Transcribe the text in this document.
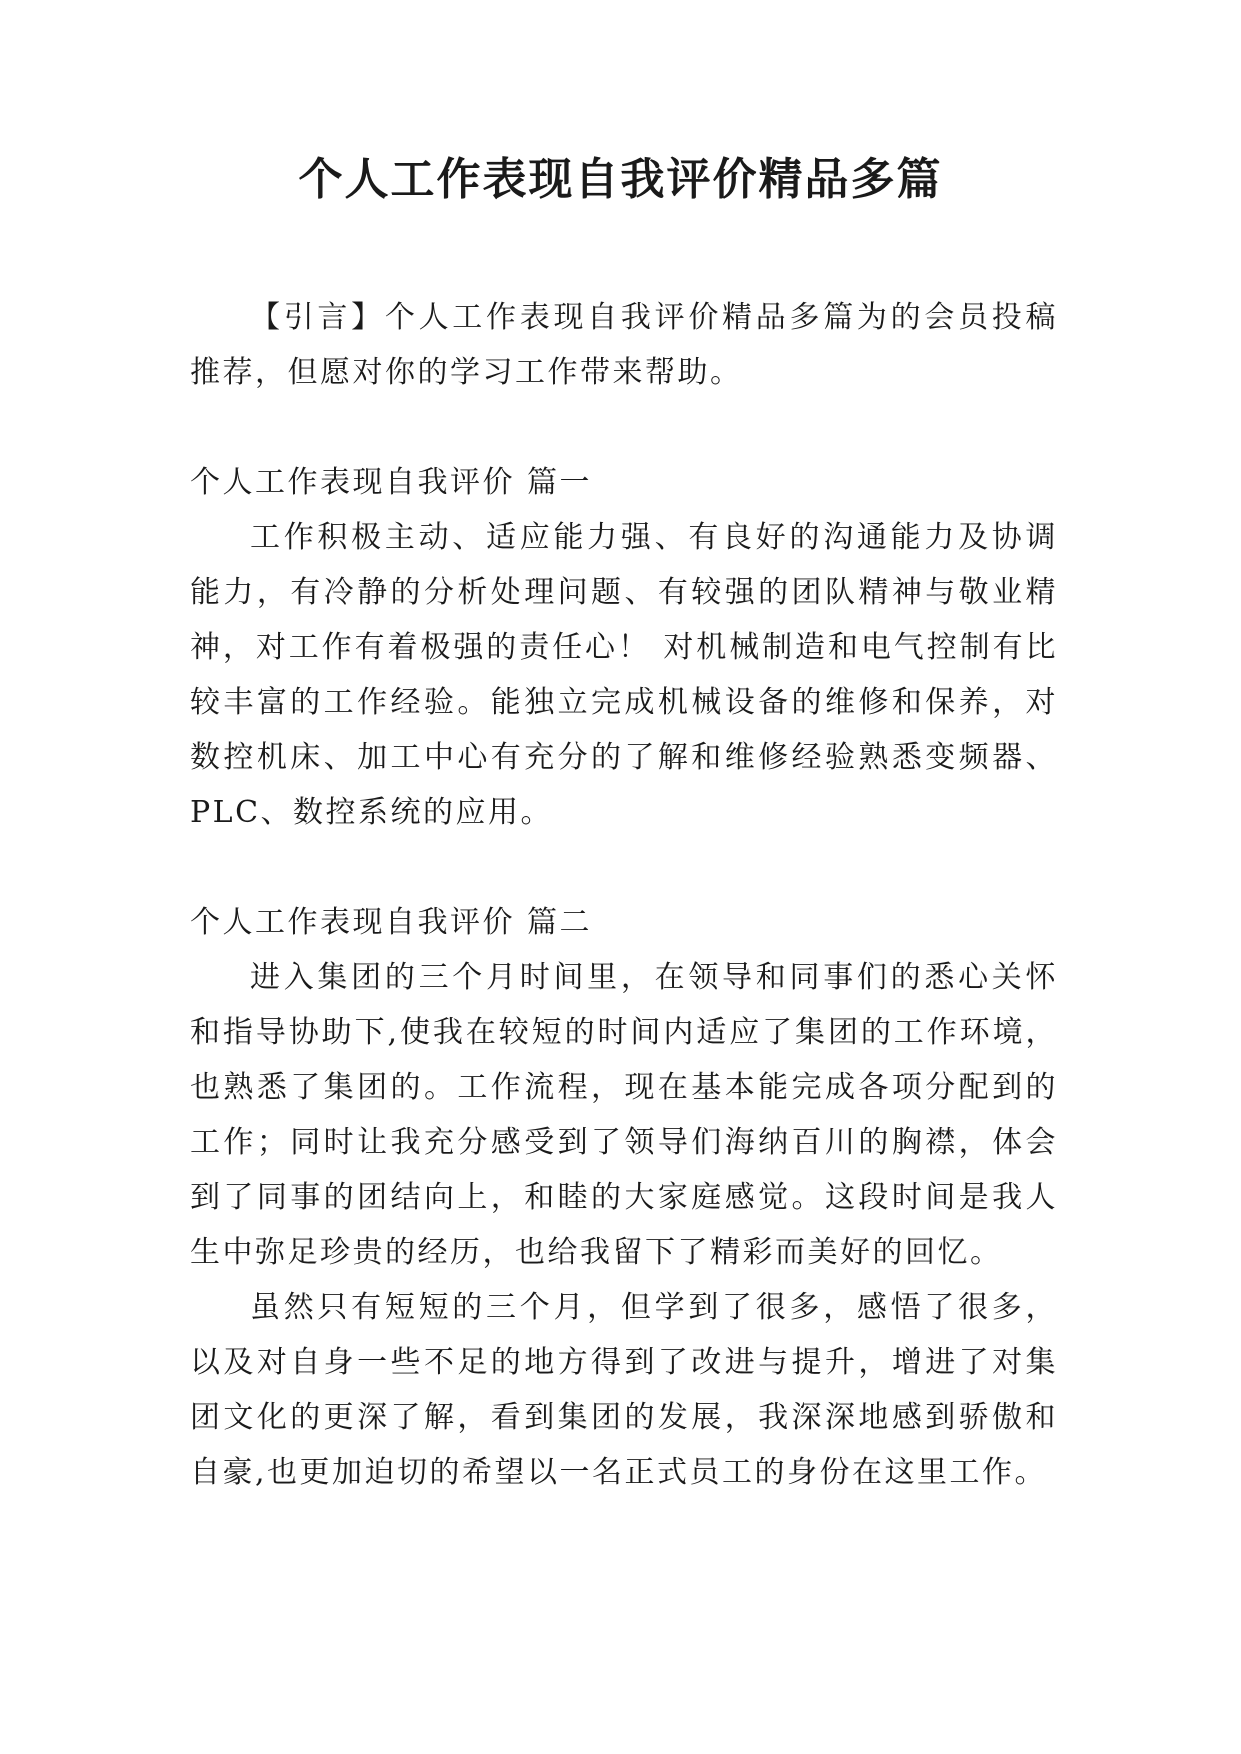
个人工作表现自我评价精品多篇

【引言】个人工作表现自我评价精品多篇为的会员投稿推荐，但愿对你的学习工作带来帮助。

个人工作表现自我评价 篇一

工作积极主动、适应能力强、有良好的沟通能力及协调能力，有冷静的分析处理问题、有较强的团队精神与敬业精神，对工作有着极强的责任心！ 对机械制造和电气控制有比较丰富的工作经验。能独立完成机械设备的维修和保养，对数控机床、加工中心有充分的了解和维修经验熟悉变频器、PLC、数控系统的应用。

个人工作表现自我评价 篇二

进入集团的三个月时间里，在领导和同事们的悉心关怀和指导协助下,使我在较短的时间内适应了集团的工作环境，也熟悉了集团的。工作流程，现在基本能完成各项分配到的工作；同时让我充分感受到了领导们海纳百川的胸襟，体会到了同事的团结向上，和睦的大家庭感觉。这段时间是我人生中弥足珍贵的经历，也给我留下了精彩而美好的回忆。

虽然只有短短的三个月，但学到了很多，感悟了很多，以及对自身一些不足的地方得到了改进与提升，增进了对集团文化的更深了解，看到集团的发展，我深深地感到骄傲和自豪,也更加迫切的希望以一名正式员工的身份在这里工作。
